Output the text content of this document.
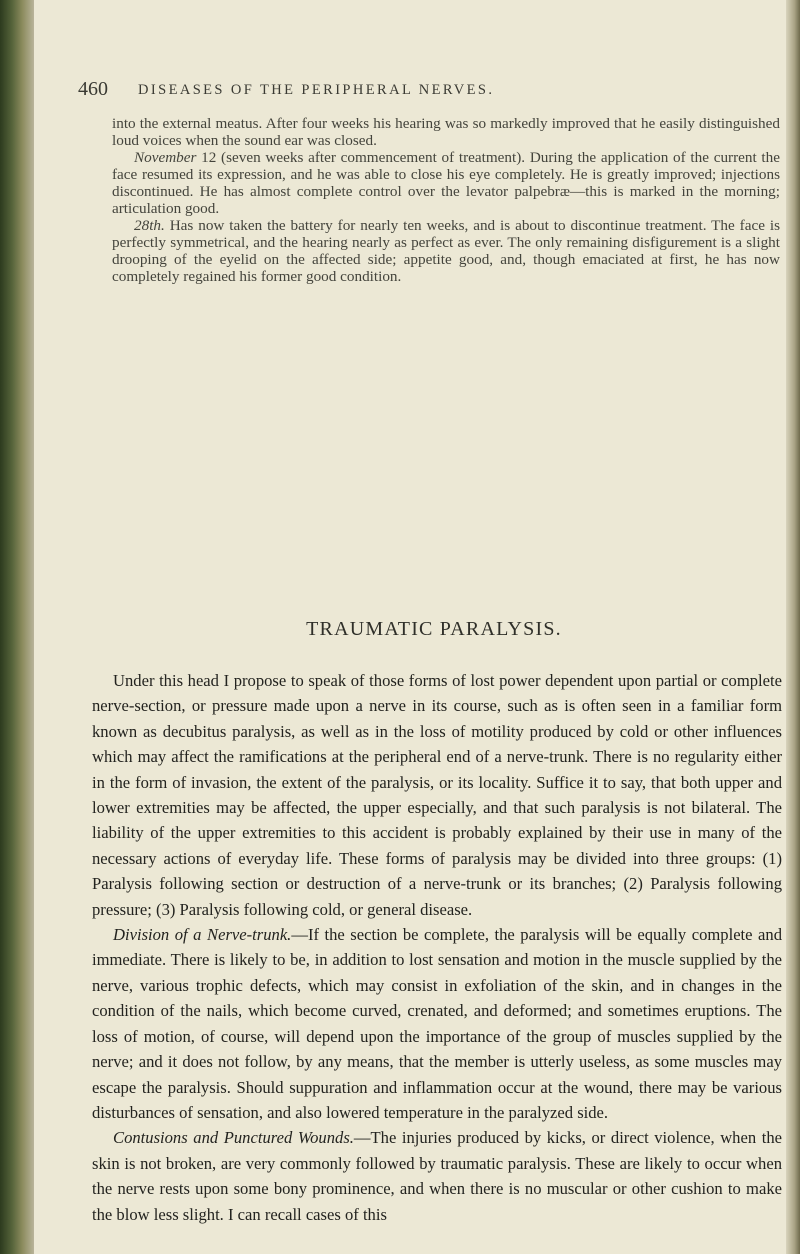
460 DISEASES OF THE PERIPHERAL NERVES.

into the external meatus. After four weeks his hearing was so markedly improved that he easily distinguished loud voices when the sound ear was closed.

November 12 (seven weeks after commencement of treatment). During the application of the current the face resumed its expression, and he was able to close his eye completely. He is greatly improved; injections discontinued. He has almost complete control over the levator palpebræ—this is marked in the morning; articulation good.

28th. Has now taken the battery for nearly ten weeks, and is about to discontinue treatment. The face is perfectly symmetrical, and the hearing nearly as perfect as ever. The only remaining disfigurement is a slight drooping of the eyelid on the affected side; appetite good, and, though emaciated at first, he has now completely regained his former good condition.

TRAUMATIC PARALYSIS.

Under this head I propose to speak of those forms of lost power dependent upon partial or complete nerve-section, or pressure made upon a nerve in its course, such as is often seen in a familiar form known as decubitus paralysis, as well as in the loss of motility produced by cold or other influences which may affect the ramifications at the peripheral end of a nerve-trunk. There is no regularity either in the form of invasion, the extent of the paralysis, or its locality. Suffice it to say, that both upper and lower extremities may be affected, the upper especially, and that such paralysis is not bilateral. The liability of the upper extremities to this accident is probably explained by their use in many of the necessary actions of everyday life. These forms of paralysis may be divided into three groups: (1) Paralysis following section or destruction of a nerve-trunk or its branches; (2) Paralysis following pressure; (3) Paralysis following cold, or general disease.

Division of a Nerve-trunk.—If the section be complete, the paralysis will be equally complete and immediate. There is likely to be, in addition to lost sensation and motion in the muscle supplied by the nerve, various trophic defects, which may consist in exfoliation of the skin, and in changes in the condition of the nails, which become curved, crenated, and deformed; and sometimes eruptions. The loss of motion, of course, will depend upon the importance of the group of muscles supplied by the nerve; and it does not follow, by any means, that the member is utterly useless, as some muscles may escape the paralysis. Should suppuration and inflammation occur at the wound, there may be various disturbances of sensation, and also lowered temperature in the paralyzed side.

Contusions and Punctured Wounds.—The injuries produced by kicks, or direct violence, when the skin is not broken, are very commonly followed by traumatic paralysis. These are likely to occur when the nerve rests upon some bony prominence, and when there is no muscular or other cushion to make the blow less slight. I can recall cases of this
